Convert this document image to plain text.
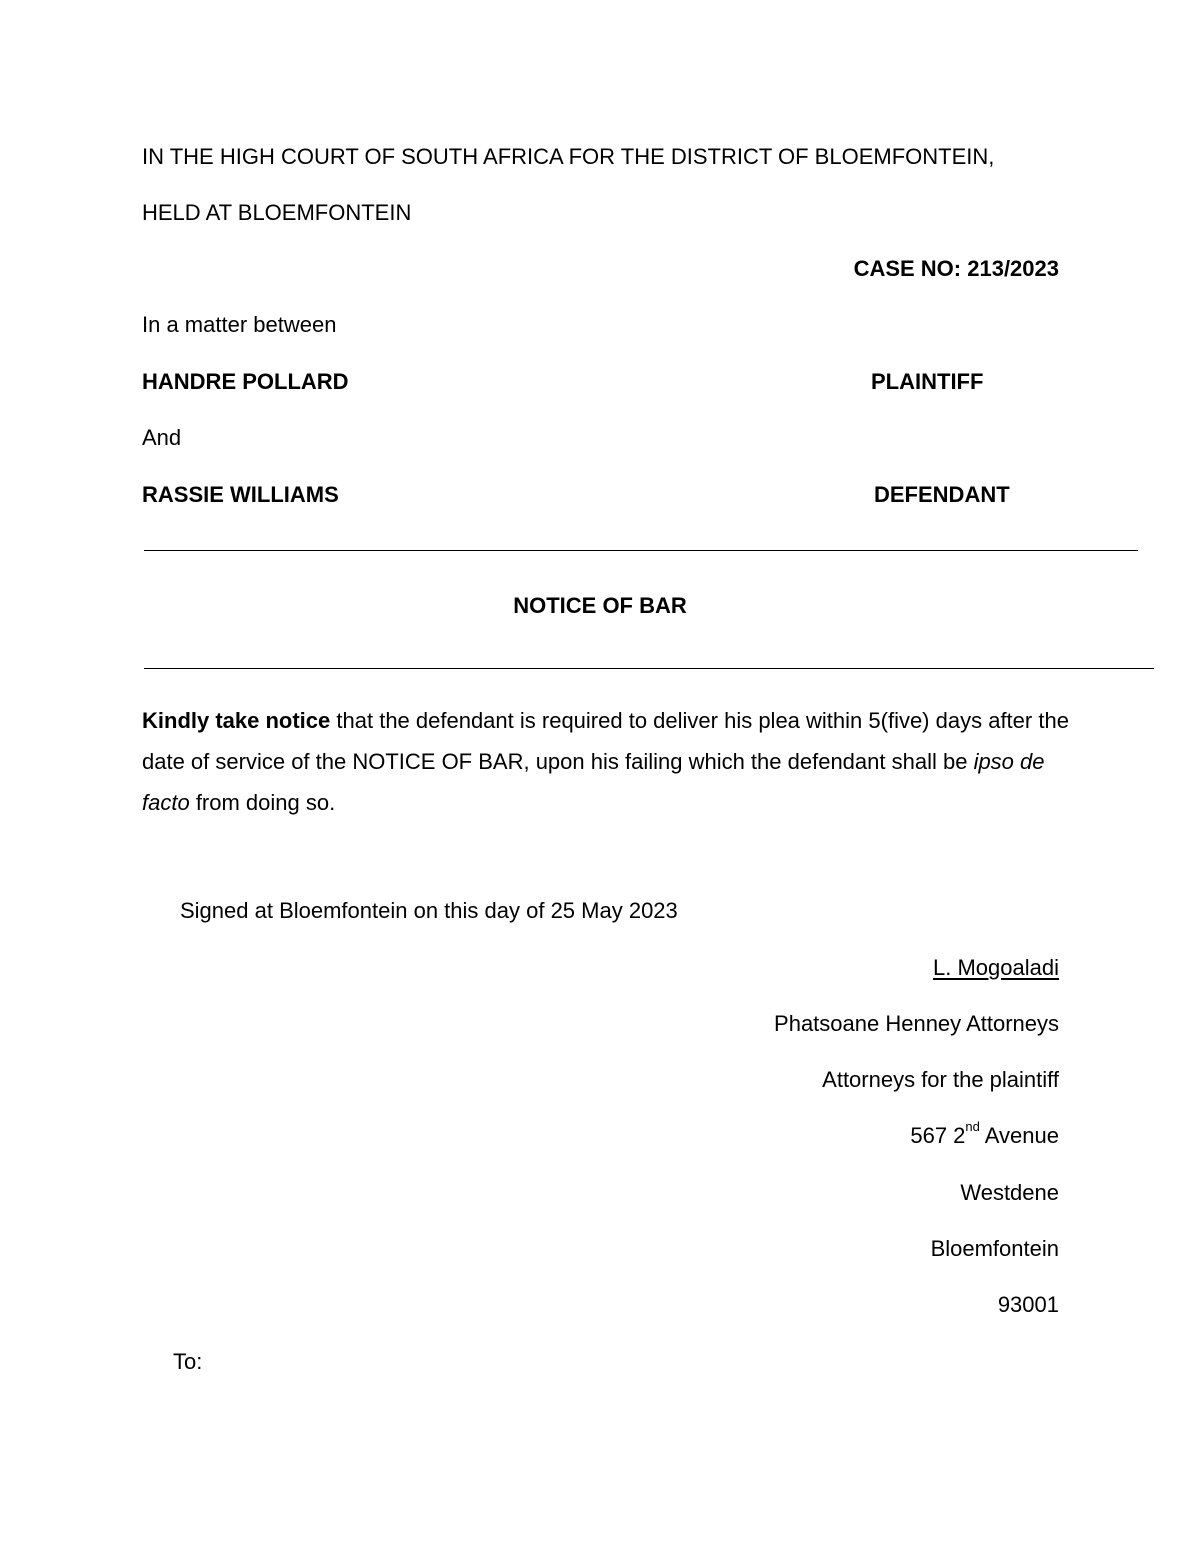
IN THE HIGH COURT OF SOUTH AFRICA FOR THE DISTRICT OF BLOEMFONTEIN,
HELD AT BLOEMFONTEIN
CASE NO: 213/2023
In a matter between
HANDRE POLLARD	PLAINTIFF
And
RASSIE WILLIAMS	DEFENDANT
NOTICE OF BAR
Kindly take notice that the defendant is required to deliver his plea within 5(five) days after the date of service of the NOTICE OF BAR, upon his failing which the defendant shall be ipso de facto from doing so.
Signed at Bloemfontein on this day of 25 May 2023
L. Mogoaladi
Phatsoane Henney Attorneys
Attorneys for the plaintiff
567 2nd Avenue
Westdene
Bloemfontein
93001
To:
